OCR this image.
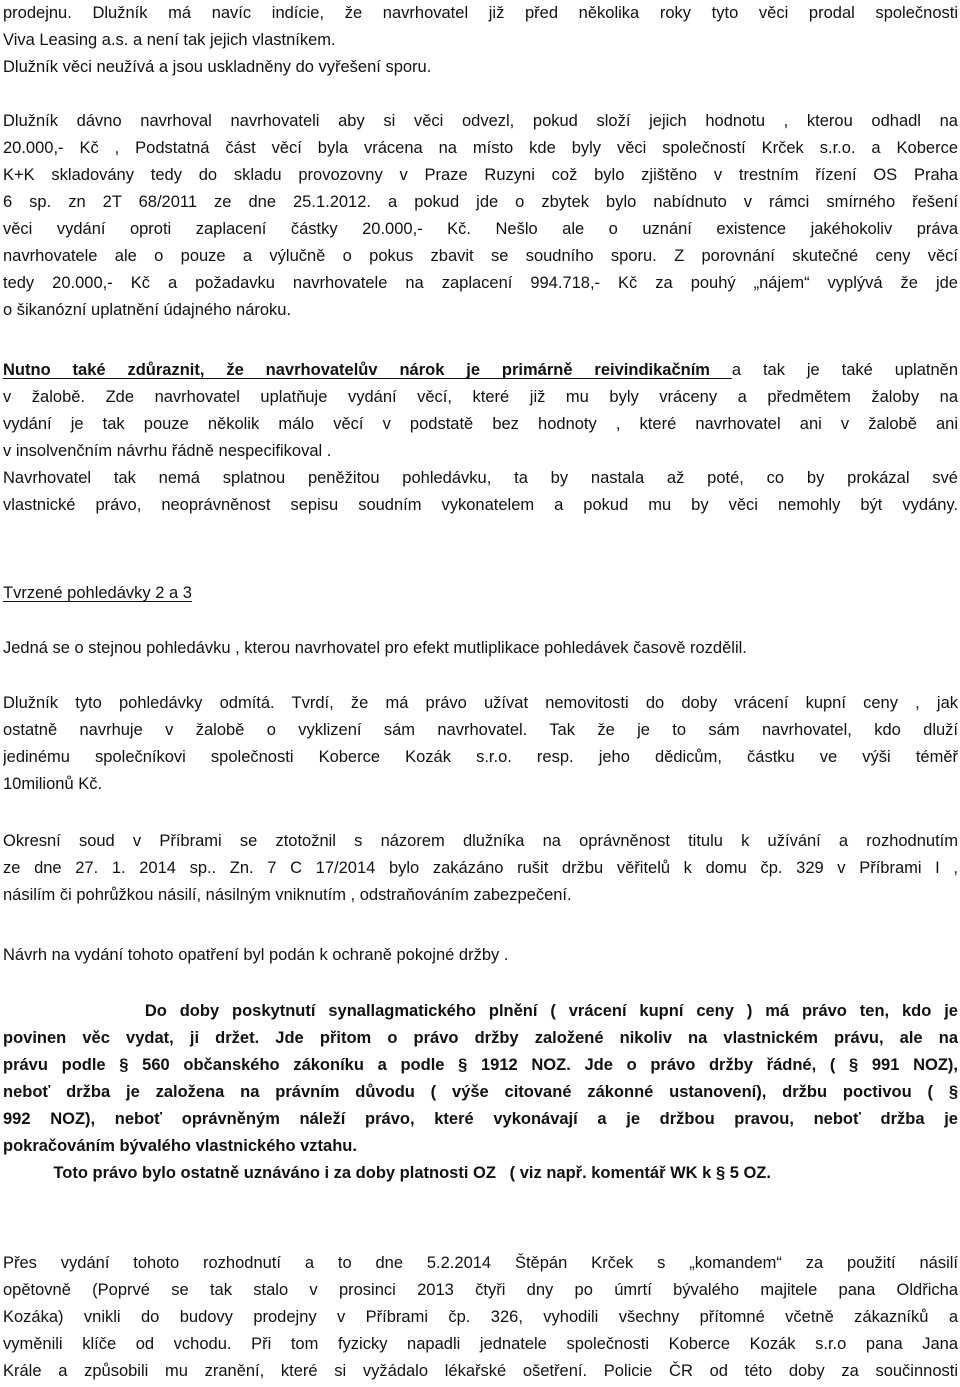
prodejnu. Dlužník má navíc indície, že navrhovatel již před několika roky tyto věci prodal společnosti
Viva Leasing a.s. a není tak jejich vlastníkem.
Dlužník věci neužívá a jsou uskladněny do vyřešení sporu.
Dlužník dávno navrhoval navrhovateli aby si věci odvezl, pokud složí jejich hodnotu , kterou odhadl na
20.000,- Kč , Podstatná část věcí byla vrácena na místo kde byly věci společností Krček s.r.o. a Koberce
K+K skladovány tedy do skladu provozovny v Praze Ruzyni což bylo zjištěno v trestním řízení OS Praha
6 sp. zn 2T 68/2011 ze dne 25.1.2012. a pokud jde o zbytek bylo nabídnuto v rámci smírného řešení
věci vydání oproti zaplacení částky 20.000,- Kč. Nešlo ale o uznání existence jakéhokoliv práva
navrhovatele ale o pouze a výlučně o pokus zbavit se soudního sporu. Z porovnání skutečné ceny věcí
tedy 20.000,- Kč a požadavku navrhovatele na zaplacení 994.718,- Kč za pouhý „nájem“ vyplývá že jde
o šikanózní uplatnění údajného nároku.
Nutno také zdůraznit, že navrhovatelův nárok je primárně reivindikačním a tak je také uplatněn
v žalobě. Zde navrhovatel uplatňuje vydání věcí, které již mu byly vráceny a předmětem žaloby na
vydání je tak pouze několik málo věcí v podstatě bez hodnoty , které navrhovatel ani v žalobě ani
v insolvenčním návrhu řádně nespecifikoval .
Navrhovatel tak nemá splatnou peněžitou pohledávku, ta by nastala až poté, co by prokázal své
vlastnické právo, neoprávněnost sepisu soudním vykonatelem a pokud mu by věci nemohly být vydány.
Tvrzené pohledávky 2 a 3
Jedná se o stejnou pohledávku , kterou navrhovatel pro efekt mutliplikace pohledávek časově rozdělil.
Dlužník tyto pohledávky odmítá. Tvrdí, že má právo užívat nemovitosti do doby vrácení kupní ceny , jak
ostatně navrhuje v žalobě o vyklizení sám navrhovatel. Tak že je to sám navrhovatel, kdo dluží
jedinému společníkovi společnosti Koberce Kozák s.r.o. resp. jeho dědicům, částku ve výši téměř
10milionů Kč.
Okresní soud v Příbrami se ztotožnil s názorem dlužníka na oprávněnost titulu k užívání a rozhodnutím
ze dne 27. 1. 2014 sp.. Zn. 7 C 17/2014 bylo zakázáno rušit držbu věřitelů k domu čp. 329 v Příbrami I ,
násilím či pohrůžkou násilí, násilným vniknutím , odstraňováním zabezpečení.
Návrh na vydání tohoto opatření byl podán k ochraně pokojné držby .
Do doby poskytnutí synallagmatického plnění ( vrácení kupní ceny ) má právo ten, kdo je
povinen věc vydat, ji držet. Jde přitom o právo držby založené nikoliv na vlastnickém právu, ale na
právu podle § 560 občanského zákoníku a podle § 1912 NOZ. Jde o právo držby řádné, ( § 991 NOZ),
neboť držba je založena na právním důvodu ( výše citované zákonné ustanovení), držbu poctivou ( §
992 NOZ), neboť oprávněným náleží právo, které vykonávají a je držbou pravou, neboť držba je
pokračováním bývalého vlastnického vztahu.
Toto právo bylo ostatně uznáváno i za doby platnosti OZ   ( viz např. komentář WK k § 5 OZ.
Přes vydání tohoto rozhodnutí a to dne 5.2.2014 Štěpán Krček s „komandem“ za použití násilí
opětovně (Poprvé se tak stalo v prosinci 2013 čtyři dny po úmrtí bývalého majitele pana Oldřicha
Kozáka) vnikli do budovy prodejny v Příbrami čp. 326, vyhodili všechny přítomné včetně zákazníků a
vyměnili klíče od vchodu. Při tom fyzicky napadli jednatele společnosti Koberce Kozák s.r.o pana Jana
Krále a způsobili mu zranění, které si vyžádalo lékařské ošetření. Policie ČR od této doby za součinnosti
